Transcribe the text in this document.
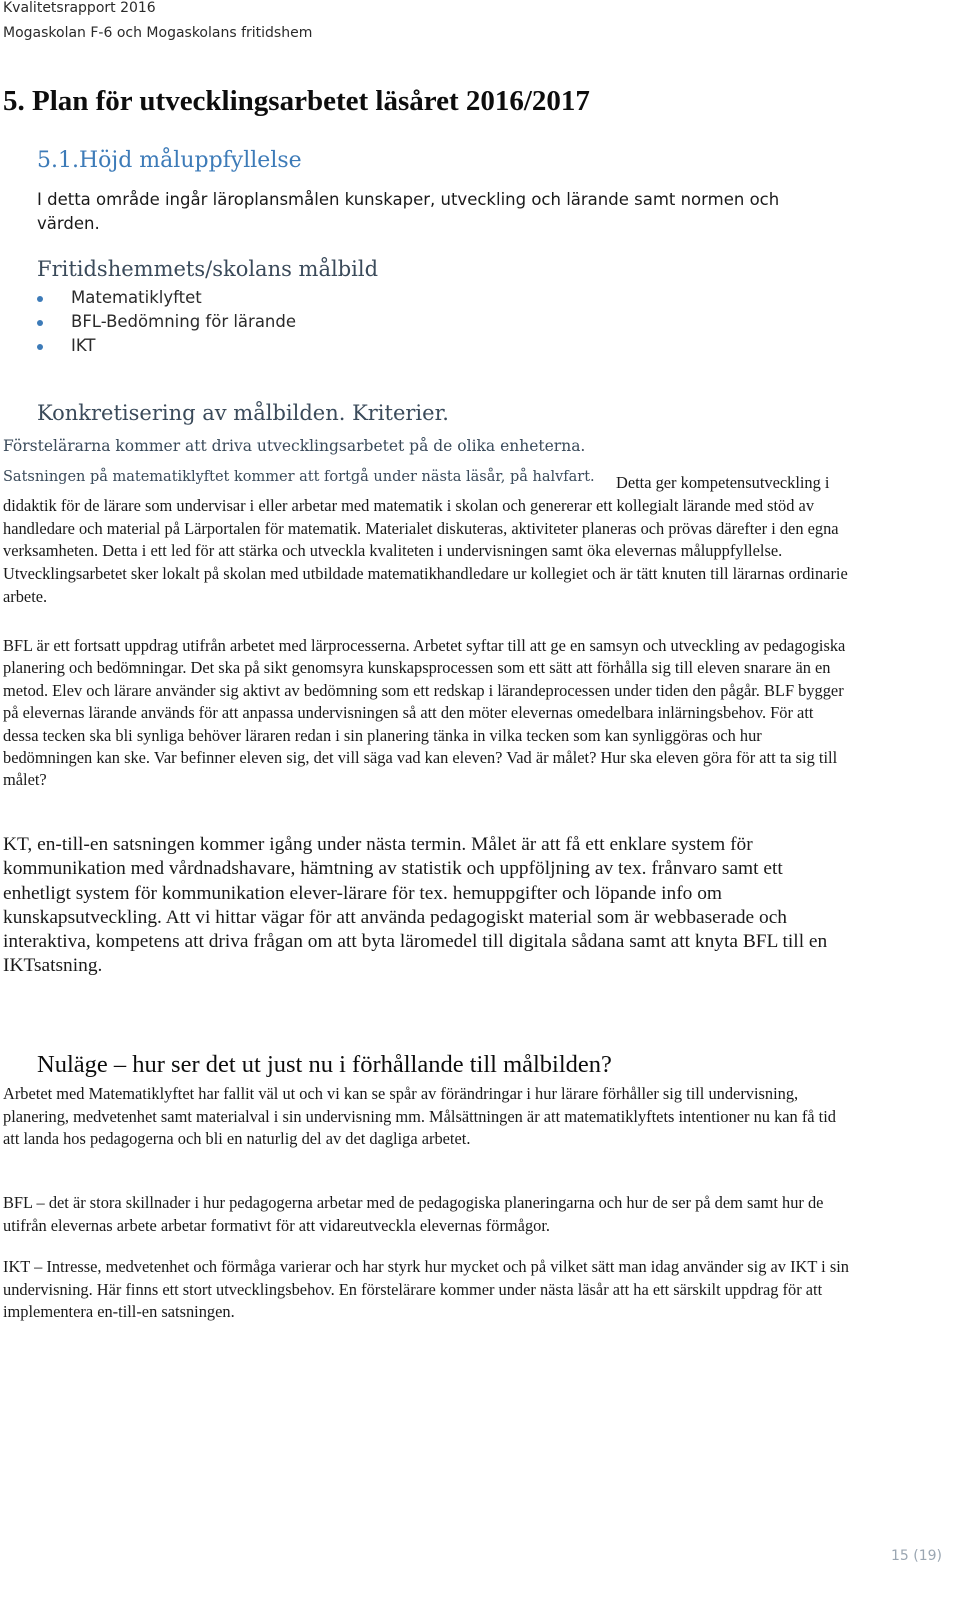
Kvalitetsrapport 2016
Mogaskolan F-6 och Mogaskolans fritidshem
5. Plan för utvecklingsarbetet läsåret 2016/2017
5.1.Höjd måluppfyllelse

I detta område ingår läroplansmålen kunskaper, utveckling och lärande samt normen och värden.

Fritidshemmets/skolans målbild
Matematiklyftet
BFL-Bedömning för lärande
IKT
Konkretisering av målbilden. Kriterier.

Förstelärarna kommer att driva utvecklingsarbetet på de olika enheterna.

Satsningen på matematiklyftet kommer att fortgå under nästa läsår, på halvfart.	Detta ger kompetensutveckling i didaktik för de lärare som undervisar i eller arbetar med matematik i skolan och genererar ett kollegialt lärande med stöd av handledare och material på Lärportalen för matematik. Materialet diskuteras, aktiviteter planeras och prövas därefter i den egna verksamheten. Detta i ett led för att stärka och utveckla kvaliteten i undervisningen samt öka elevernas måluppfyllelse. Utvecklingsarbetet sker lokalt på skolan med utbildade matematikhandledare ur kollegiet och är tätt knuten till lärarnas ordinarie arbete.

BFL är ett fortsatt uppdrag utifrån arbetet med lärprocesserna. Arbetet syftar till att ge en samsyn och utveckling av pedagogiska planering och bedömningar. Det ska på sikt genomsyra kunskapsprocessen som ett sätt att förhålla sig till eleven snarare än en metod. Elev och lärare använder sig aktivt av bedömning som ett redskap i lärandeprocessen under tiden den pågår. BLF bygger på elevernas lärande används för att anpassa undervisningen så att den möter elevernas omedelbara inlärningsbehov. För att dessa tecken ska bli synliga behöver läraren redan i sin planering tänka in vilka tecken som kan synliggöras och hur bedömningen kan ske. Var befinner eleven sig, det vill säga vad kan eleven? Vad är målet? Hur ska eleven göra för att ta sig till målet?

KT, en-till-en satsningen kommer igång under nästa termin. Målet är att få ett enklare system för kommunikation med vårdnadshavare, hämtning av statistik och uppföljning av tex. frånvaro samt ett enhetligt system för kommunikation elever-lärare för tex. hemuppgifter och löpande info om kunskapsutveckling. Att vi hittar vägar för att använda pedagogiskt material som är webbaserade och interaktiva, kompetens att driva frågan om att byta läromedel till digitala sådana samt att knyta BFL till en IKTsatsning.

Nuläge – hur ser det ut just nu i förhållande till målbilden?

Arbetet med Matematiklyftet har fallit väl ut och vi kan se spår av förändringar i hur lärare förhåller sig till undervisning, planering, medvetenhet samt materialval i sin undervisning mm. Målsättningen är att matematiklyftets intentioner nu kan få tid att landa hos pedagogerna och bli en naturlig del av det dagliga arbetet.

BFL – det är stora skillnader i hur pedagogerna arbetar med de pedagogiska planeringarna och hur de ser på dem samt hur de utifrån elevernas arbete arbetar formativt för att vidareutveckla elevernas förmågor.

IKT – Intresse, medvetenhet och förmåga varierar och har styrk hur mycket och på vilket sätt man idag använder sig av IKT i sin undervisning. Här finns ett stort utvecklingsbehov. En förstelärare kommer under nästa läsår att ha ett särskilt uppdrag för att implementera en-till-en satsningen.

15 (19)
